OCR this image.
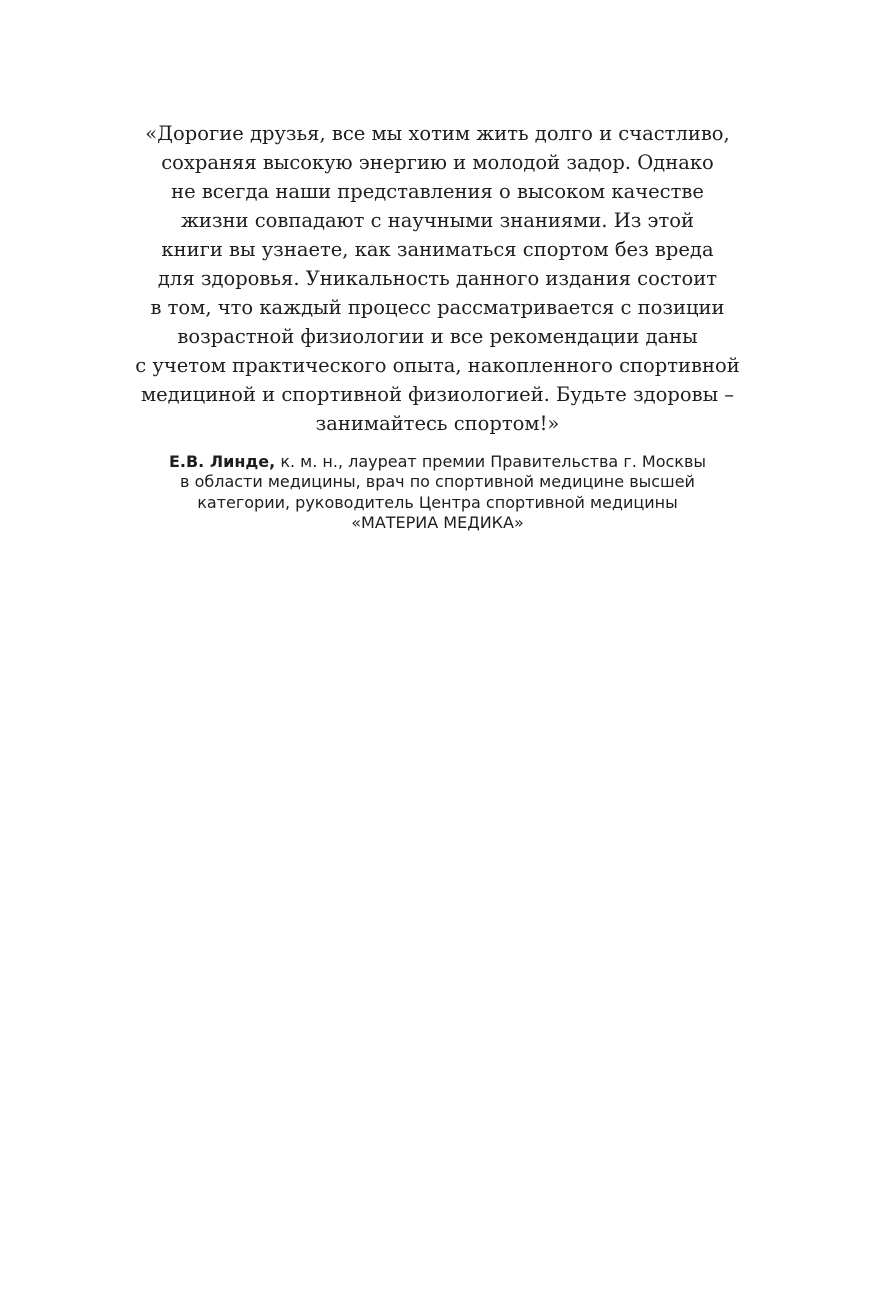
«Дорогие друзья, все мы хотим жить долго и счастливо,
сохраняя высокую энергию и молодой задор. Однако
не всегда наши представления о высоком качестве
жизни совпадают с научными знаниями. Из этой
книги вы узнаете, как заниматься спортом без вреда
для здоровья. Уникальность данного издания состоит
в том, что каждый процесс рассматривается с позиции
возрастной физиологии и все рекомендации даны
с учетом практического опыта, накопленного спортивной
медициной и спортивной физиологией. Будьте здоровы –
занимайтесь спортом!»

Е.В. Линде, к. м. н., лауреат премии Правительства г. Москвы
в области медицины, врач по спортивной медицине высшей
категории, руководитель Центра спортивной медицины
«МАТЕРИА МЕДИКА»
